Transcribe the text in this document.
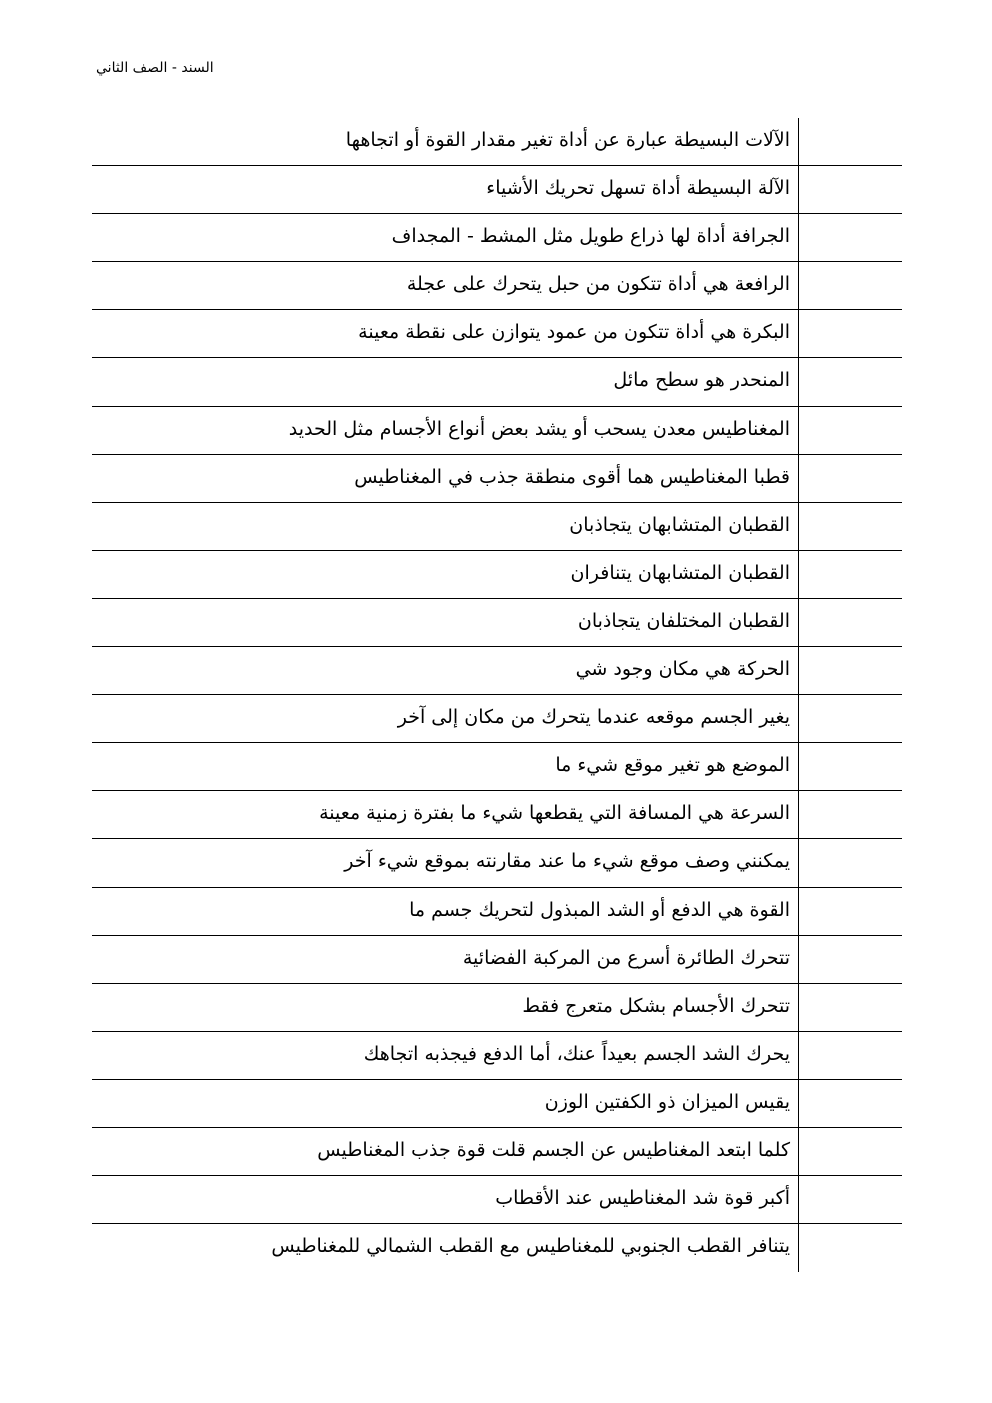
السند - الصف الثاني
الآلات البسيطة عبارة عن أداة تغير مقدار القوة أو اتجاهها
الآلة البسيطة أداة تسهل تحريك الأشياء
الجرافة أداة لها ذراع طويل مثل المشط - المجداف
الرافعة هي أداة تتكون من حبل يتحرك على عجلة
البكرة هي أداة تتكون من عمود يتوازن على نقطة معينة
المنحدر هو سطح مائل
المغناطيس معدن يسحب أو يشد بعض أنواع الأجسام مثل الحديد
قطبا المغناطيس هما أقوى منطقة جذب في المغناطيس
القطبان المتشابهان يتجاذبان
القطبان المتشابهان يتنافران
القطبان المختلفان يتجاذبان
الحركة هي مكان وجود شي
يغير الجسم موقعه عندما يتحرك من مكان إلى آخر
الموضع هو تغير موقع شيء ما
السرعة هي المسافة التي يقطعها شيء ما بفترة زمنية معينة
يمكنني وصف موقع شيء ما عند مقارنته بموقع شيء آخر
القوة هي الدفع أو الشد المبذول لتحريك جسم ما
تتحرك الطائرة أسرع من المركبة الفضائية
تتحرك الأجسام بشكل متعرج فقط
يحرك الشد الجسم بعيداً عنك، أما الدفع فيجذبه اتجاهك
يقيس الميزان ذو الكفتين الوزن
كلما ابتعد المغناطيس عن الجسم قلت قوة جذب المغناطيس
أكبر قوة شد المغناطيس عند الأقطاب
يتنافر القطب الجنوبي للمغناطيس مع القطب الشمالي للمغناطيس
